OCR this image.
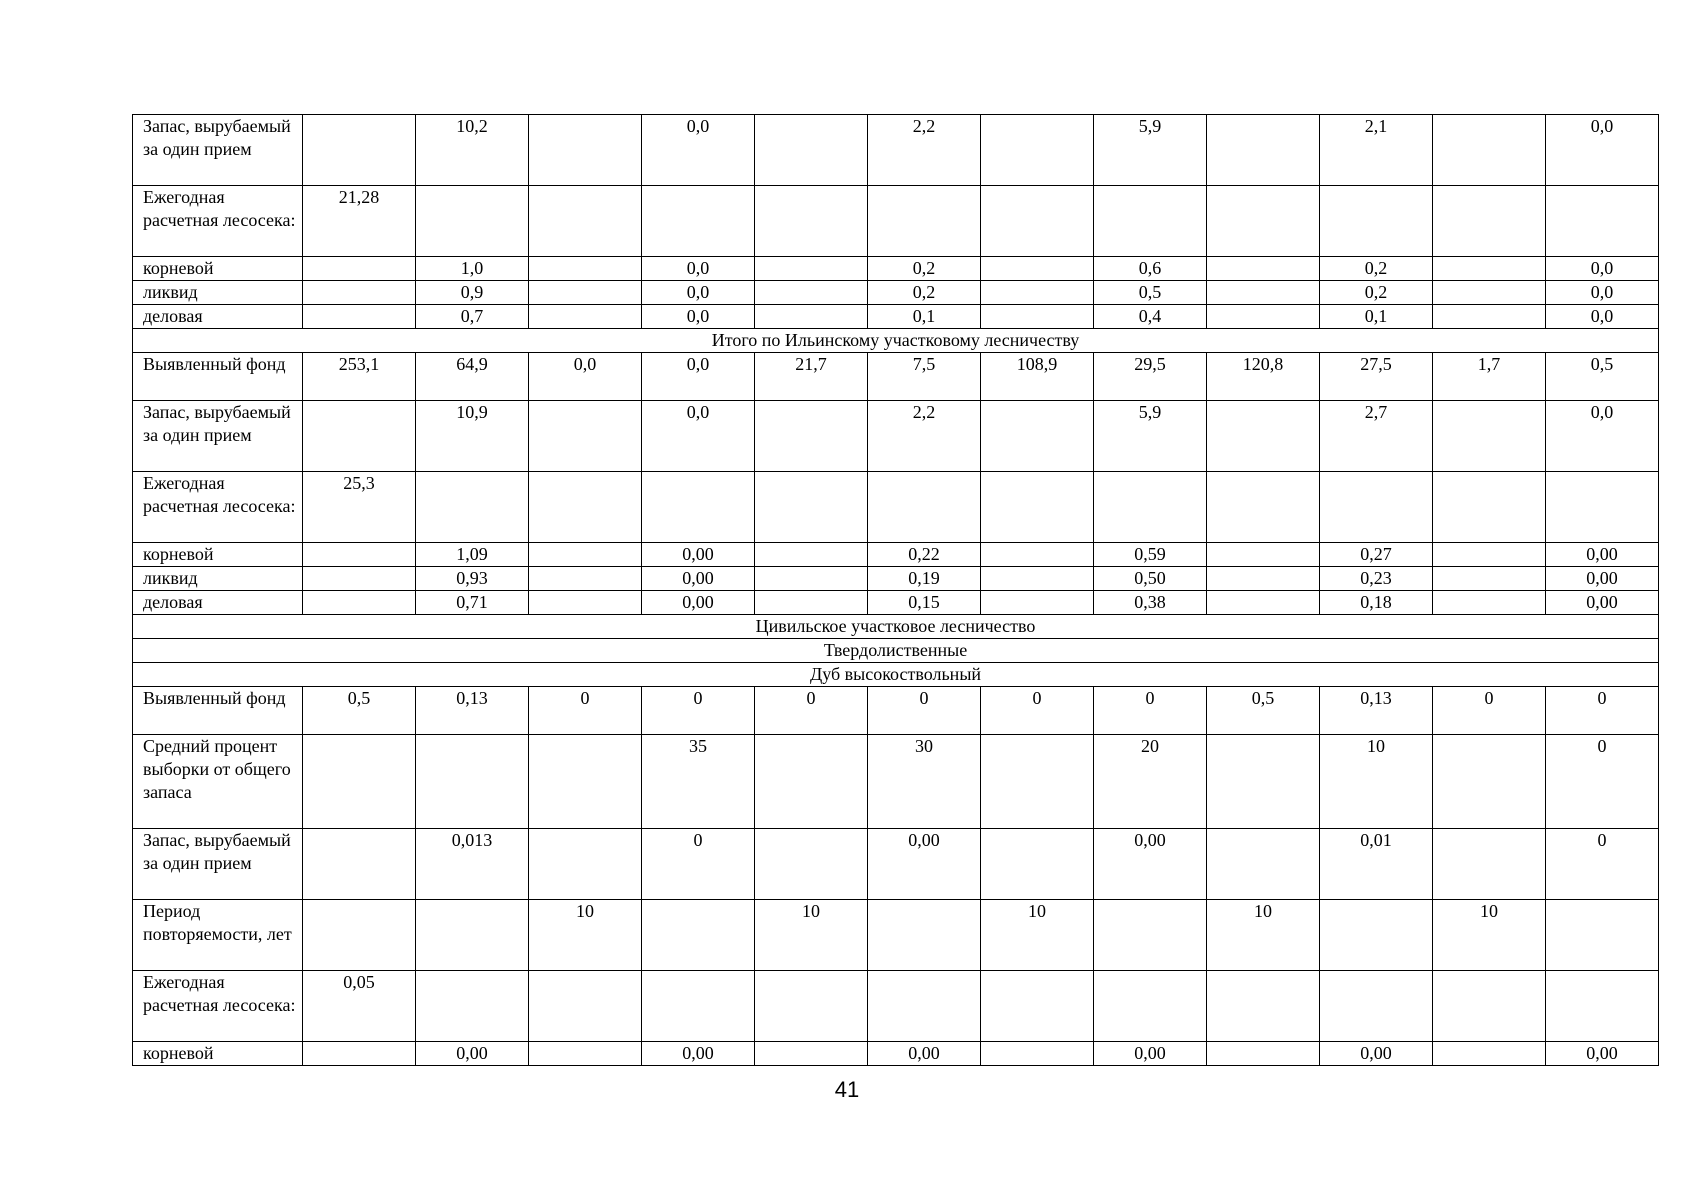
Запас, вырубаемый за один прием		10,2		0,0		2,2		5,9		2,1		0,0
Ежегодная расчетная лесосека:	21,28											
корневой		1,0		0,0		0,2		0,6		0,2		0,0
ликвид		0,9		0,0		0,2		0,5		0,2		0,0
деловая		0,7		0,0		0,1		0,4		0,1		0,0
Итого по Ильинскому участковому лесничеству												
Выявленный фонд	253,1	64,9	0,0	0,0	21,7	7,5	108,9	29,5	120,8	27,5	1,7	0,5
Запас, вырубаемый за один прием		10,9		0,0		2,2		5,9		2,7		0,0
Ежегодная расчетная лесосека:	25,3											
корневой		1,09		0,00		0,22		0,59		0,27		0,00
ликвид		0,93		0,00		0,19		0,50		0,23		0,00
деловая		0,71		0,00		0,15		0,38		0,18		0,00
Цивильское участковое лесничество												
Твердолиственные												
Дуб высокоствольный												
Выявленный фонд	0,5	0,13	0	0	0	0	0	0	0,5	0,13	0	0
Средний процент выборки от общего запаса				35		30		20		10		0
Запас, вырубаемый за один прием		0,013		0		0,00		0,00		0,01		0
Период повторяемости, лет			10		10		10		10		10	
Ежегодная расчетная лесосека:	0,05											
корневой		0,00		0,00		0,00		0,00		0,00		0,00
41
